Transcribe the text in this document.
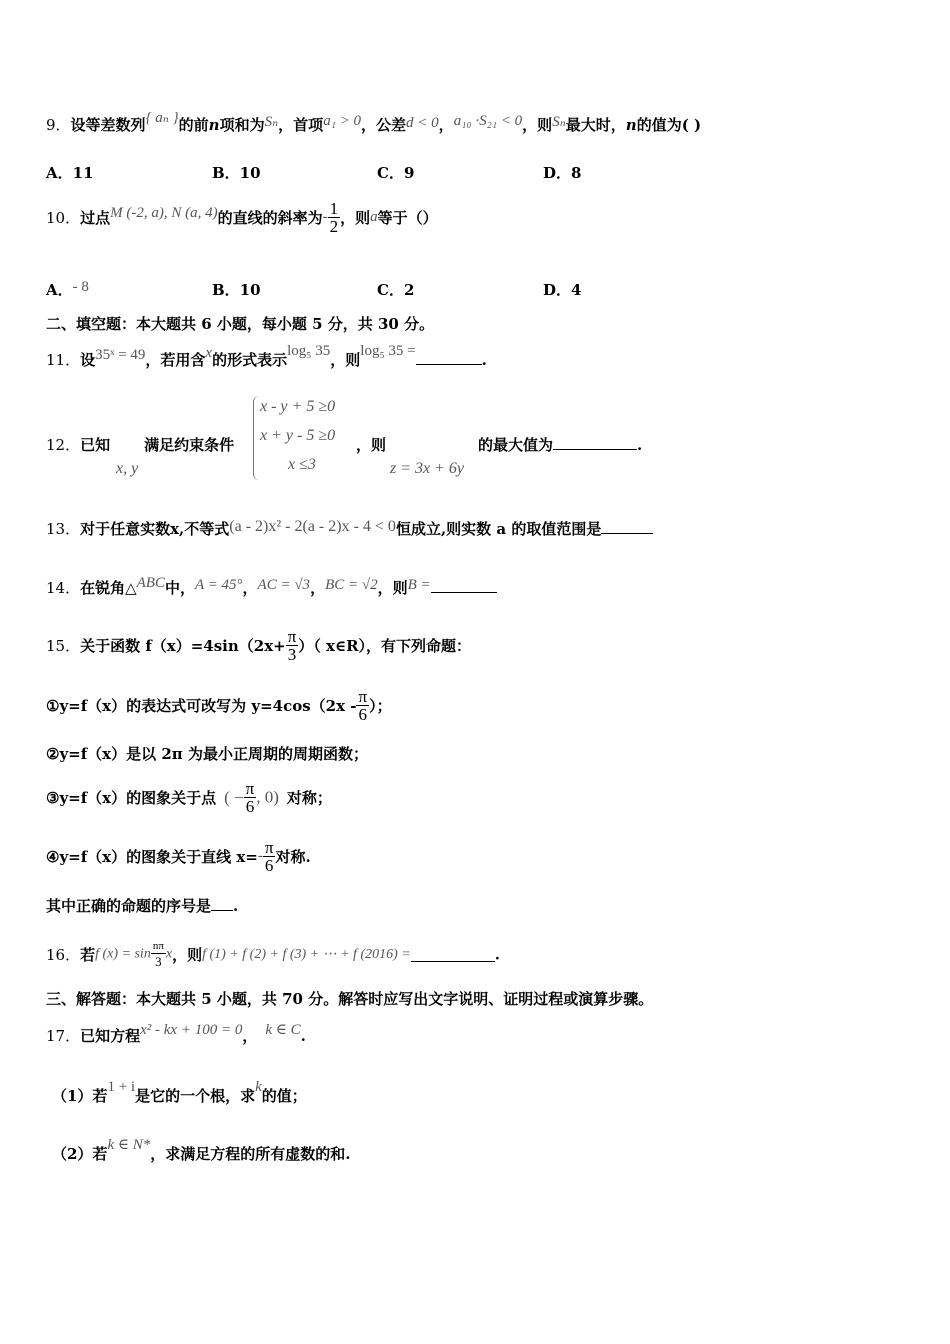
9．设等差数列{ aₙ }的前n项和为Sₙ，首项a₁ > 0，公差d < 0，a₁₀ ·S₂₁ < 0，则Sₙ最大时，n的值为( )
A．11	B．10	C．9	D．8
10．过点M (-2, a), N (a, 4)的直线的斜率为- $\frac{1}{2}$ ，则a等于（）
A．- 8	B．10	C．2	D．4
二、填空题：本大题共 6 小题，每小题 5 分，共 30 分。
11．设35ˣ = 49，若用含x的形式表示log₅ 35，则log₅ 35 =	.
12．已知 满足约束条件
x, y
x - y + 5 ≥0
x + y - 5 ≥0
x ≤3
，则
z = 3x + 6y
的最大值为	.
13．对于任意实数x,不等式(a - 2)x² - 2(a - 2)x - 4 < 0恒成立,则实数 a 的取值范围是
14．在锐角△ABC中，A = 45°，AC = √3，BC = √2，则B =
15．关于函数 $f(x)=4\sin(2x+ \frac{\pi}{3}$ ）（ x∈R），有下列命题：
①y=f（x）的表达式可改写为 $y=4\cos(2x - \frac{\pi}{6}$ ）；
②y=f（x）是以 2π 为最小正周期的周期函数；
③y=f（x）的图象关于点 ( − $\frac{\pi}{6}$ , 0) 对称；
④y=f（x）的图象关于直线 $x=- \frac{\pi}{6}$ 对称.
其中正确的命题的序号是 .
16．若f $(x) = \sin \frac{n\pi}{3}$ x，则f (1) + f (2) + f (3) + ⋯ + f (2016) =	.
三、解答题：本大题共 5 小题，共 70 分。解答时应写出文字说明、证明过程或演算步骤。
17．已知方程x² - kx + 100 = 0， k ∈ C.
（1）若1 + i是它的一个根，求k的值；
（2）若k ∈ N*，求满足方程的所有虚数的和.
